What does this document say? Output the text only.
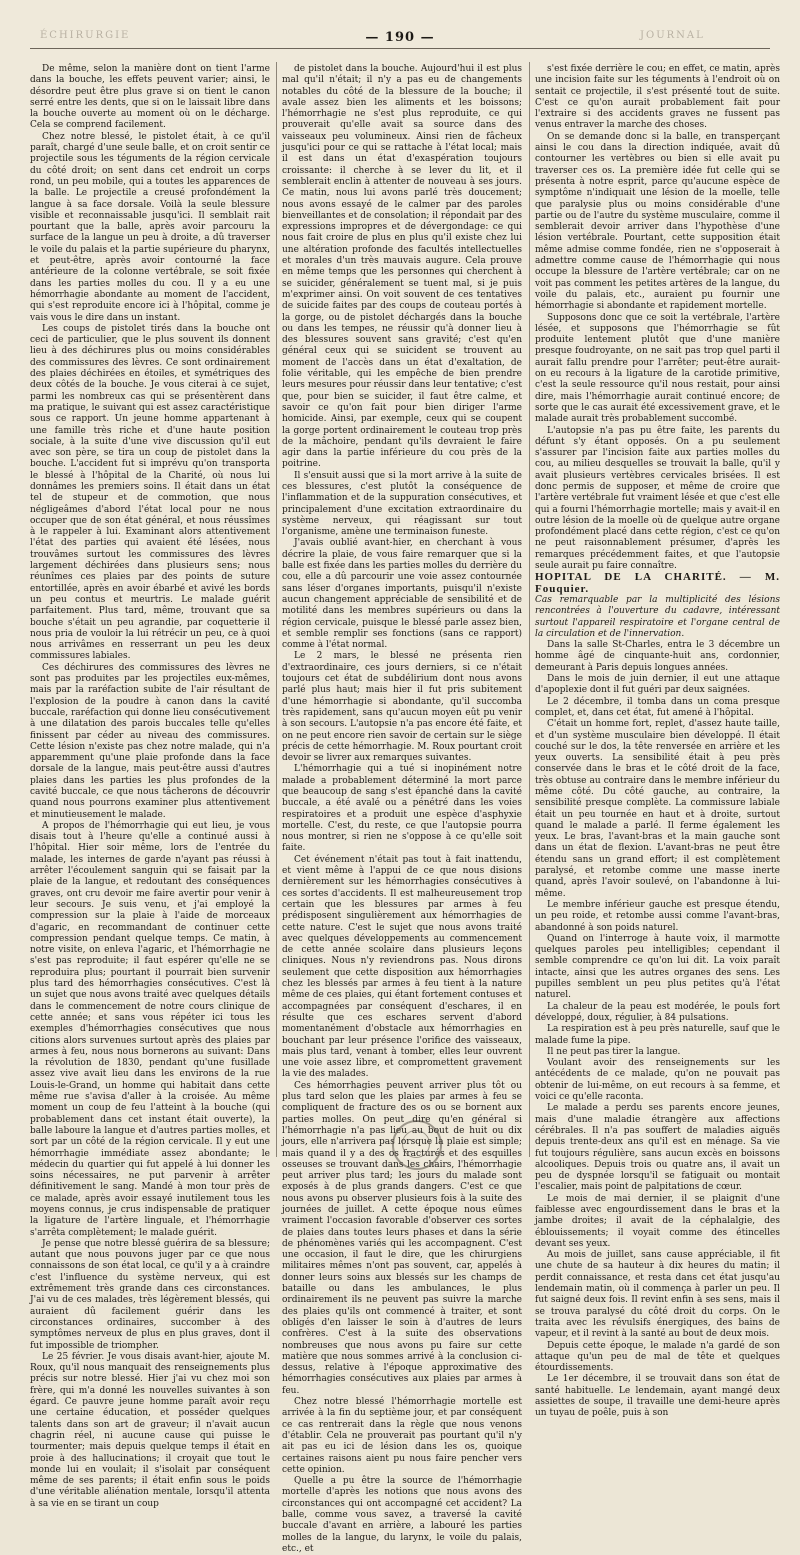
ÉCHIRURGIE	— 190 —	JOURNAL

De même, selon la manière dont on tient l'arme dans la bouche, les effets peuvent varier; ainsi, le désordre peut être plus grave si on tient le canon serré entre les dents, que si on le laissait libre dans la bouche ouverte au moment où on le décharge. Cela se comprend facilement.

Chez notre blessé, le pistolet était, à ce qu'il paraît, chargé d'une seule balle, et on croit sentir ce projectile sous les téguments de la région cervicale du côté droit; on sent dans cet endroit un corps rond, un peu mobile, qui a toutes les apparences de la balle. Le projectile a creusé profondément la langue à sa face dorsale. Voilà la seule blessure visible et reconnaissable jusqu'ici. Il semblait rait pourtant que la balle, après avoir parcouru la surface de la langue un peu à droite, a dû traverser le voile du palais et la partie supérieure du pharynx, et peut-être, après avoir contourné la face antérieure de la colonne vertébrale, se soit fixée dans les parties molles du cou. Il y a eu une hémorrhagie abondante au moment de l'accident, qui s'est reproduite encore ici à l'hôpital, comme je vais vous le dire dans un instant.

Les coups de pistolet tirés dans la bouche ont ceci de particulier, que le plus souvent ils donnent lieu à des déchirures plus ou moins considérables des commissures des lèvres. Ce sont ordinairement des plaies déchirées en étoiles, et symétriques des deux côtés de la bouche. Je vous citerai à ce sujet, parmi les nombreux cas qui se présentèrent dans ma pratique, le suivant qui est assez caractéristique sous ce rapport. Un jeune homme appartenant à une famille très riche et d'une haute position sociale, à la suite d'une vive discussion qu'il eut avec son père, se tira un coup de pistolet dans la bouche. L'accident fut si imprévu qu'on transporta le blessé à l'hôpital de la Charité, où nous lui donnâmes les premiers soins. Il était dans un état tel de stupeur et de commotion, que nous négligeâmes d'abord l'état local pour ne nous occuper que de son état général, et nous réussîmes à le rappeler à lui. Examinant alors attentivement l'état des parties qui avaient été lésées, nous trouvâmes surtout les commissures des lèvres largement déchirées dans plusieurs sens; nous réunîmes ces plaies par des points de suture entortillée, après en avoir ébarbé et avivé les bords un peu contus et meurtris. Le malade guérit parfaitement. Plus tard, même, trouvant que sa bouche s'était un peu agrandie, par coquetterie il nous pria de vouloir la lui rétrécir un peu, ce à quoi nous arrivâmes en resserrant un peu les deux commissures labiales.

Ces déchirures des commissures des lèvres ne sont pas produites par les projectiles eux-mêmes, mais par la raréfaction subite de l'air résultant de l'explosion de la poudre à canon dans la cavité buccale, raréfaction qui donne lieu consécutivement à une dilatation des parois buccales telle qu'elles finissent par céder au niveau des commissures. Cette lésion n'existe pas chez notre malade, qui n'a apparemment qu'une plaie profonde dans la face dorsale de la langue, mais peut-être aussi d'autres plaies dans les parties les plus profondes de la cavité buccale, ce que nous tâcherons de découvrir quand nous pourrons examiner plus attentivement et minutieusement le malade.

A propos de l'hémorrhagie qui eut lieu, je vous disais tout à l'heure qu'elle a continué aussi à l'hôpital. Hier soir même, lors de l'entrée du malade, les internes de garde n'ayant pas réussi à arrêter l'écoulement sanguin qui se faisait par la plaie de la langue, et redoutant des conséquences graves, ont cru devoir me faire avertir pour venir à leur secours. Je suis venu, et j'ai employé la compression sur la plaie à l'aide de morceaux d'agaric, en recommandant de continuer cette compression pendant quelque temps. Ce matin, à notre visite, on enleva l'agaric, et l'hémorrhagie ne s'est pas reproduite; il faut espérer qu'elle ne se reproduira plus; pourtant il pourrait bien survenir plus tard des hémorrhagies consécutives. C'est là un sujet que nous avons traité avec quelques détails dans le commencement de notre cours clinique de cette année; et sans vous répéter ici tous les exemples d'hémorrhagies consécutives que nous citions alors survenues surtout après des plaies par armes à feu, nous nous bornerons au suivant: Dans la révolution de 1830, pendant qu'une fusillade assez vive avait lieu dans les environs de la rue Louis-le-Grand, un homme qui habitait dans cette même rue s'avisa d'aller à la croisée. Au même moment un coup de feu l'atteint à la bouche (qui probablement dans cet instant était ouverte), la balle laboure la langue et d'autres parties molles, et sort par un côté de la région cervicale. Il y eut une hémorrhagie immédiate assez abondante; le médecin du quartier qui fut appelé à lui donner les soins nécessaires, ne put parvenir à arrêter définitivement le sang. Mandé à mon tour près de ce malade, après avoir essayé inutilement tous les moyens connus, je crus indispensable de pratiquer la ligature de l'artère linguale, et l'hémorrhagie s'arrêta complètement; le malade guérit.

Je pense que notre blessé guérira de sa blessure; autant que nous pouvons juger par ce que nous connaissons de son état local, ce qu'il y a à craindre c'est l'influence du système nerveux, qui est extrêmement très grande dans ces circonstances. J'ai vu de ces malades, très légèrement blessés, qui auraient dû facilement guérir dans les circonstances ordinaires, succomber à des symptômes nerveux de plus en plus graves, dont il fut impossible de triompher.

Le 25 février. Je vous disais avant-hier, ajoute M. Roux, qu'il nous manquait des renseignements plus précis sur notre blessé. Hier j'ai vu chez moi son frère, qui m'a donné les nouvelles suivantes à son égard. Ce pauvre jeune homme paraît avoir reçu une certaine éducation, et posséder quelques talents dans son art de graveur; il n'avait aucun chagrin réel, ni aucune cause qui puisse le tourmenter; mais depuis quelque temps il était en proie à des hallucinations; il croyait que tout le monde lui en voulait; il s'isolait par conséquent même de ses parents; il était enfin sous le poids d'une véritable aliénation mentale, lorsqu'il attenta à sa vie en se tirant un coup

de pistolet dans la bouche. Aujourd'hui il est plus mal qu'il n'était; il n'y a pas eu de changements notables du côté de la blessure de la bouche; il avale assez bien les aliments et les boissons; l'hémorrhagie ne s'est plus reproduite, ce qui prouverait qu'elle avait sa source dans des vaisseaux peu volumineux. Ainsi rien de fâcheux jusqu'ici pour ce qui se rattache à l'état local; mais il est dans un état d'exaspération toujours croissante: il cherche à se lever du lit, et il semblerait enclin à attenter de nouveau à ses jours. Ce matin, nous lui avons parlé très doucement; nous avons essayé de le calmer par des paroles bienveillantes et de consolation; il répondait par des expressions impropres et de dévergondage: ce qui nous fait croire de plus en plus qu'il existe chez lui une altération profonde des facultés intellectuelles et morales d'un très mauvais augure. Cela prouve en même temps que les personnes qui cherchent à se suicider, généralement se tuent mal, si je puis m'exprimer ainsi. On voit souvent de ces tentatives de suicide faites par des coups de couteau portés à la gorge, ou de pistolet déchargés dans la bouche ou dans les tempes, ne réussir qu'à donner lieu à des blessures souvent sans gravité; c'est qu'en général ceux qui se suicident se trouvent au moment de l'accès dans un état d'exaltation, de folie véritable, qui les empêche de bien prendre leurs mesures pour réussir dans leur tentative; c'est que, pour bien se suicider, il faut être calme, et savoir ce qu'on fait pour bien diriger l'arme homicide. Ainsi, par exemple, ceux qui se coupent la gorge portent ordinairement le couteau trop près de la mâchoire, pendant qu'ils devraient le faire agir dans la partie inférieure du cou près de la poitrine.

Il s'ensuit aussi que si la mort arrive à la suite de ces blessures, c'est plutôt la conséquence de l'inflammation et de la suppuration consécutives, et principalement d'une excitation extraordinaire du système nerveux, qui réagissant sur tout l'organisme, amène une terminaison funeste.

J'avais oublié avant-hier, en cherchant à vous décrire la plaie, de vous faire remarquer que si la balle est fixée dans les parties molles du derrière du cou, elle a dû parcourir une voie assez contournée sans léser d'organes importants, puisqu'il n'existe aucun changement appréciable de sensibilité et de motilité dans les membres supérieurs ou dans la région cervicale, puisque le blessé parle assez bien, et semble remplir ses fonctions (sans ce rapport) comme à l'état normal.

Le 2 mars, le blessé ne présenta rien d'extraordinaire, ces jours derniers, si ce n'était toujours cet état de subdélirium dont nous avons parlé plus haut; mais hier il fut pris subitement d'une hémorrhagie si abondante, qu'il succomba très rapidement, sans qu'aucun moyen eût pu venir à son secours. L'autopsie n'a pas encore été faite, et on ne peut encore rien savoir de certain sur le siège précis de cette hémorrhagie. M. Roux pourtant croit devoir se livrer aux remarques suivantes.

L'hémorrhagie qui a tué si inopinément notre malade a probablement déterminé la mort parce que beaucoup de sang s'est épanché dans la cavité buccale, a été avalé ou a pénétré dans les voies respiratoires et a produit une espèce d'asphyxie mortelle. C'est, du reste, ce que l'autopsie pourra nous montrer, si rien ne s'oppose à ce qu'elle soit faite.

Cet événement n'était pas tout à fait inattendu, et vient même à l'appui de ce que nous disions dernièrement sur les hémorrhagies consécutives à ces sortes d'accidents. Il est malheureusement trop certain que les blessures par armes à feu prédisposent singulièrement aux hémorrhagies de cette nature. C'est le sujet que nous avons traité avec quelques développements au commencement de cette année scolaire dans plusieurs leçons cliniques. Nous n'y reviendrons pas. Nous dirons seulement que cette disposition aux hémorrhagies chez les blessés par armes à feu tient à la nature même de ces plaies, qui étant fortement contuses et accompagnées par conséquent d'eschares, il en résulte que ces eschares servent d'abord momentanément d'obstacle aux hémorrhagies en bouchant par leur présence l'orifice des vaisseaux, mais plus tard, venant à tomber, elles leur ouvrent une voie assez libre, et compromettent gravement la vie des malades.

Ces hémorrhagies peuvent arriver plus tôt ou plus tard selon que les plaies par armes à feu se compliquent de fracture des os ou se bornent aux parties molles. On peut dire qu'en général si l'hémorrhagie n'a pas lieu au bout de huit ou dix jours, elle n'arrivera pas lorsque la plaie est simple; mais quand il y a des os fracturés et des esquilles osseuses se trouvant dans les chairs, l'hémorrhagie peut arriver plus tard; les jours du malade sont exposés à de plus grands dangers. C'est ce que nous avons pu observer plusieurs fois à la suite des journées de juillet. A cette époque nous eûmes vraiment l'occasion favorable d'observer ces sortes de plaies dans toutes leurs phases et dans la série de phénomènes variés qui les accompagnent. C'est une occasion, il faut le dire, que les chirurgiens militaires mêmes n'ont pas souvent, car, appelés à donner leurs soins aux blessés sur les champs de bataille ou dans les ambulances, le plus ordinairement ils ne peuvent pas suivre la marche des plaies qu'ils ont commencé à traiter, et sont obligés d'en laisser le soin à d'autres de leurs confrères. C'est à la suite des observations nombreuses que nous avons pu faire sur cette matière que nous sommes arrivé à la conclusion ci-dessus, relative à l'époque approximative des hémorrhagies consécutives aux plaies par armes à feu.

Chez notre blessé l'hémorrhagie mortelle est arrivée à la fin du septième jour, et par conséquent ce cas rentrerait dans la règle que nous venons d'établir. Cela ne prouverait pas pourtant qu'il n'y ait pas eu ici de lésion dans les os, quoique certaines raisons aient pu nous faire pencher vers cette opinion.

Quelle a pu être la source de l'hémorrhagie mortelle d'après les notions que nous avons des circonstances qui ont accompagné cet accident? La balle, comme vous savez, a traversé la cavité buccale d'avant en arrière, a labouré les parties molles de la langue, du larynx, le voile du palais, etc., et

s'est fixée derrière le cou; en effet, ce matin, après une incision faite sur les téguments à l'endroit où on sentait ce projectile, il s'est présenté tout de suite. C'est ce qu'on aurait probablement fait pour l'extraire si des accidents graves ne fussent pas venus entraver la marche des choses.

On se demande donc si la balle, en transperçant ainsi le cou dans la direction indiquée, avait dû contourner les vertèbres ou bien si elle avait pu traverser ces os. La première idée fut celle qui se présenta à notre esprit, parce qu'aucune espèce de symptôme n'indiquait une lésion de la moelle, telle que paralysie plus ou moins considérable d'une partie ou de l'autre du système musculaire, comme il semblerait devoir arriver dans l'hypothèse d'une lésion vertébrale. Pourtant, cette supposition était même admise comme fondée, rien ne s'opposerait à admettre comme cause de l'hémorrhagie qui nous occupe la blessure de l'artère vertébrale; car on ne voit pas comment les petites artères de la langue, du voile du palais, etc., auraient pu fournir une hémorrhagie si abondante et rapidement mortelle.

Supposons donc que ce soit la vertébrale, l'artère lésée, et supposons que l'hémorrhagie se fût produite lentement plutôt que d'une manière presque foudroyante, on ne sait pas trop quel parti il aurait fallu prendre pour l'arrêter; peut-être aurait-on eu recours à la ligature de la carotide primitive, c'est la seule ressource qu'il nous restait, pour ainsi dire, mais l'hémorrhagie aurait continué encore; de sorte que le cas aurait été excessivement grave, et le malade aurait très probablement succombé.

L'autopsie n'a pas pu être faite, les parents du défunt s'y étant opposés. On a pu seulement s'assurer par l'incision faite aux parties molles du cou, au milieu desquelles se trouvait la balle, qu'il y avait plusieurs vertèbres cervicales brisées. Il est donc permis de supposer, et même de croire que l'artère vertébrale fut vraiment lésée et que c'est elle qui a fourni l'hémorrhagie mortelle; mais y avait-il en outre lésion de la moelle où de quelque autre organe profondément placé dans cette région, c'est ce qu'on ne peut raisonnablement présumer, d'après les remarques précédemment faites, et que l'autopsie seule aurait pu faire connaître.

HOPITAL DE LA CHARITÉ. — M. Fouquier.

Cas remarquable par la multiplicité des lésions rencontrées à l'ouverture du cadavre, intéressant surtout l'appareil respiratoire et l'organe central de la circulation et de l'innervation.

Dans la salle St-Charles, entra le 3 décembre un homme âgé de cinquante-huit ans, cordonnier, demeurant à Paris depuis longues années.

Dans le mois de juin dernier, il eut une attaque d'apoplexie dont il fut guéri par deux saignées.

Le 2 décembre, il tomba dans un coma presque complet, et, dans cet état, fut amené à l'hôpital.

C'était un homme fort, replet, d'assez haute taille, et d'un système musculaire bien développé. Il était couché sur le dos, la tête renversée en arrière et les yeux ouverts. La sensibilité était à peu près conservée dans le bras et le côté droit de la face, très obtuse au contraire dans le membre inférieur du même côté. Du côté gauche, au contraire, la sensibilité presque complète. La commissure labiale était un peu tournée en haut et à droite, surtout quand le malade a parlé. Il ferme également les yeux. Le bras, l'avant-bras et la main gauche sont dans un état de flexion. L'avant-bras ne peut être étendu sans un grand effort; il est complètement paralysé, et retombe comme une masse inerte quand, après l'avoir soulevé, on l'abandonne à lui-même.

Le membre inférieur gauche est presque étendu, un peu roide, et retombe aussi comme l'avant-bras, abandonné à son poids naturel.

Quand on l'interroge à haute voix, il marmotte quelques paroles peu intelligibles; cependant il semble comprendre ce qu'on lui dit. La voix paraît intacte, ainsi que les autres organes des sens. Les pupilles semblent un peu plus petites qu'à l'état naturel.

La chaleur de la peau est modérée, le pouls fort développé, doux, régulier, à 84 pulsations.

La respiration est à peu près naturelle, sauf que le malade fume la pipe.

Il ne peut pas tirer la langue.

Voulant avoir des renseignements sur les antécédents de ce malade, qu'on ne pouvait pas obtenir de lui-même, on eut recours à sa femme, et voici ce qu'elle raconta.

Le malade a perdu ses parents encore jeunes, mais d'une maladie étrangère aux affections cérébrales. Il n'a pas souffert de maladies aiguës depuis trente-deux ans qu'il est en ménage. Sa vie fut toujours régulière, sans aucun excès en boissons alcooliques. Depuis trois ou quatre ans, il avait un peu de dyspnée lorsqu'il se fatiguait ou montait l'escalier, mais point de palpitations de cœur.

Le mois de mai dernier, il se plaignit d'une faiblesse avec engourdissement dans le bras et la jambe droites; il avait de la céphalalgie, des éblouissements; il voyait comme des étincelles devant ses yeux.

Au mois de juillet, sans cause appréciable, il fit une chute de sa hauteur à dix heures du matin; il perdit connaissance, et resta dans cet état jusqu'au lendemain matin, où il commença à parler un peu. Il fut saigné deux fois. Il revint enfin à ses sens, mais il se trouva paralysé du côté droit du corps. On le traita avec les révulsifs énergiques, des bains de vapeur, et il revint à la santé au bout de deux mois.

Depuis cette époque, le malade n'a gardé de son attaque qu'un peu de mal de tête et quelques étourdissements.

Le 1er décembre, il se trouvait dans son état de santé habituelle. Le lendemain, ayant mangé deux assiettes de soupe, il travaille une demi-heure après un tuyau de poêle, puis à son
